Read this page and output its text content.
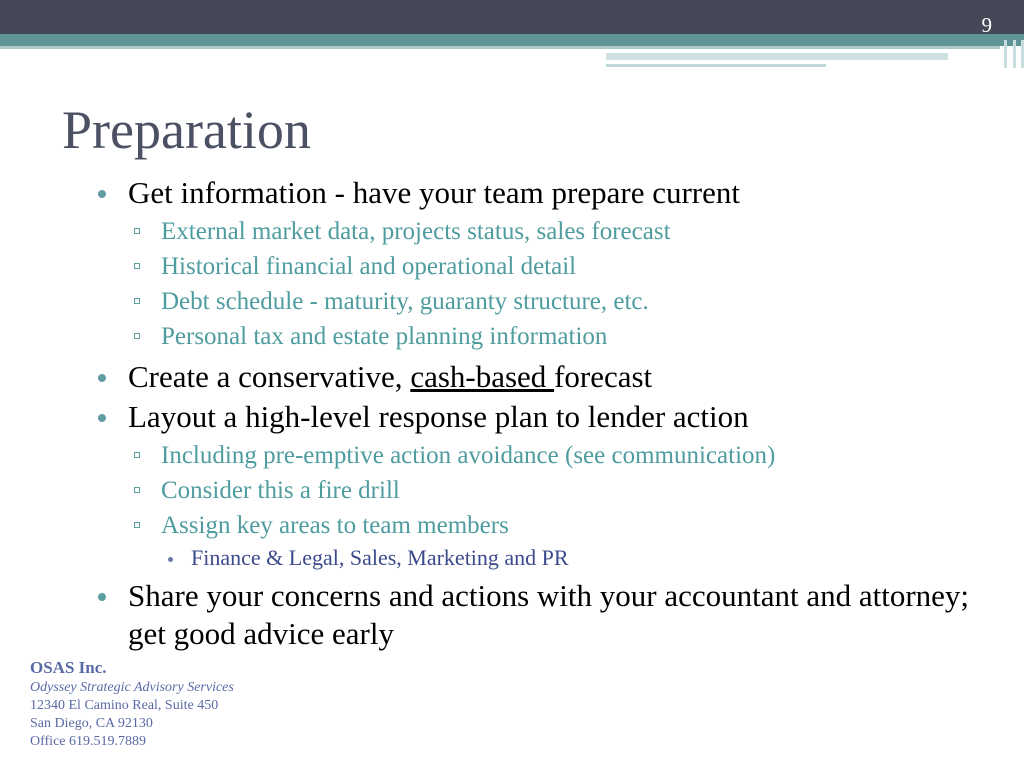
9
Preparation
Get information - have your team prepare current
External market data, projects status, sales forecast
Historical financial and operational detail
Debt schedule - maturity, guaranty structure, etc.
Personal tax and estate planning information
Create a conservative, cash-based forecast
Layout a high-level response plan to lender action
Including pre-emptive action avoidance (see communication)
Consider this a fire drill
Assign key areas to team members
Finance & Legal, Sales, Marketing and PR
Share your concerns and actions with your accountant and attorney; get good advice early
OSAS Inc.
Odyssey Strategic Advisory Services
12340 El Camino Real, Suite 450
San Diego, CA 92130
Office 619.519.7889
